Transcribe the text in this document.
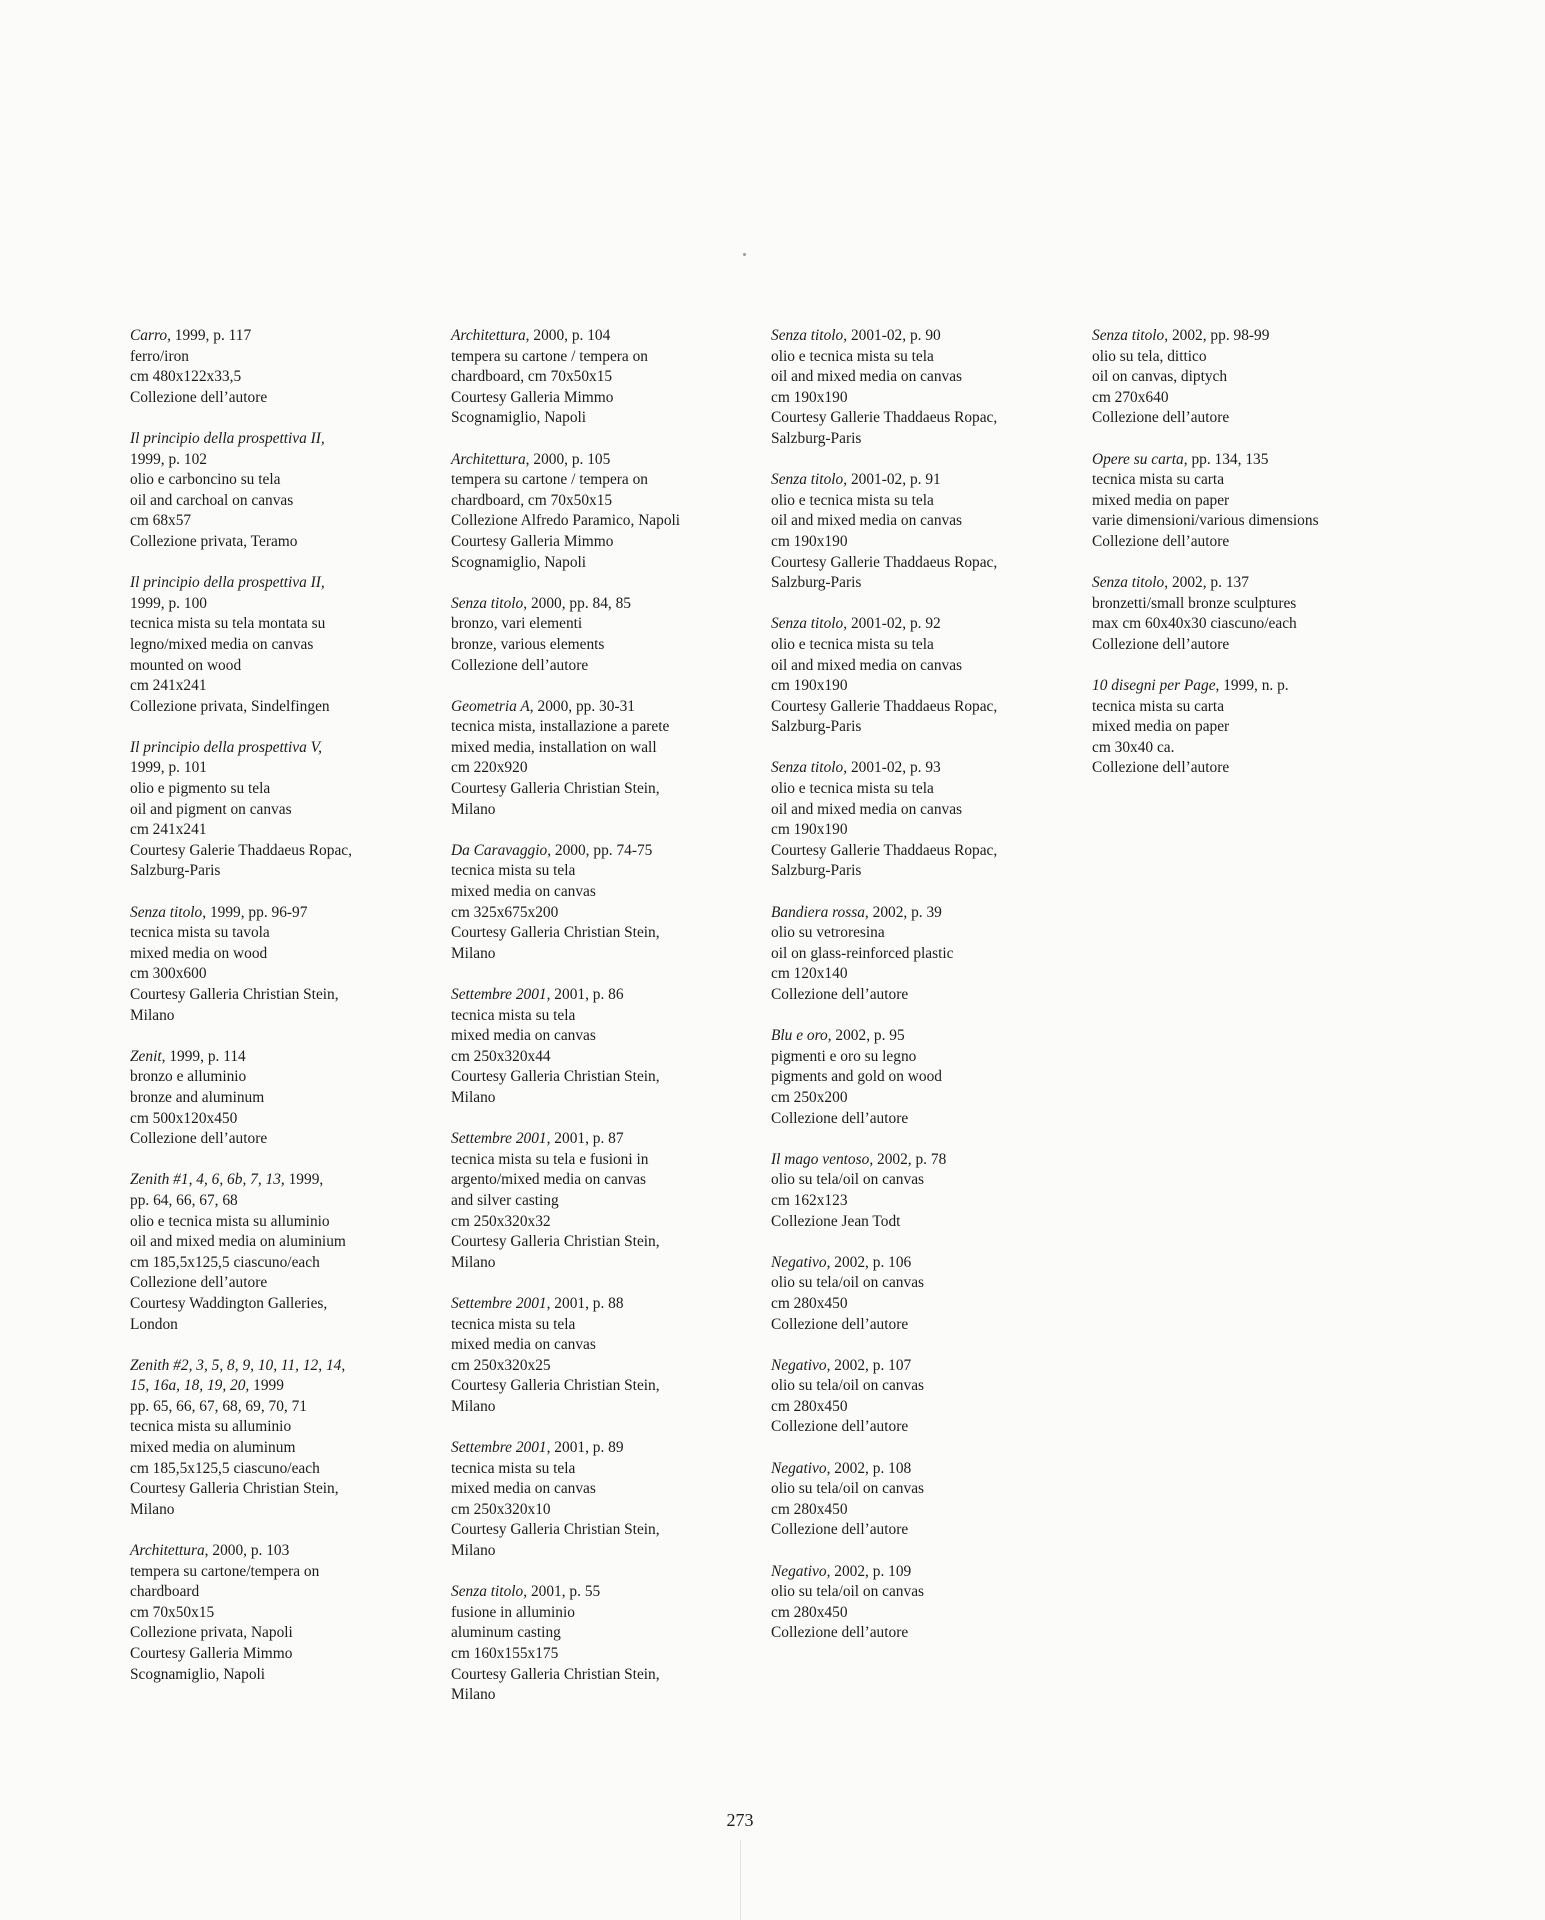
Carro, 1999, p. 117
ferro/iron
cm 480x122x33,5
Collezione dell’autore
Il principio della prospettiva II,
1999, p. 102
olio e carboncino su tela
oil and carchoal on canvas
cm 68x57
Collezione privata, Teramo
Il principio della prospettiva II,
1999, p. 100
tecnica mista su tela montata su
legno/mixed media on canvas
mounted on wood
cm 241x241
Collezione privata, Sindelfingen
Il principio della prospettiva V,
1999, p. 101
olio e pigmento su tela
oil and pigment on canvas
cm 241x241
Courtesy Galerie Thaddaeus Ropac,
Salzburg-Paris
Senza titolo, 1999, pp. 96-97
tecnica mista su tavola
mixed media on wood
cm 300x600
Courtesy Galleria Christian Stein,
Milano
Zenit, 1999, p. 114
bronzo e alluminio
bronze and aluminum
cm 500x120x450
Collezione dell’autore
Zenith #1, 4, 6, 6b, 7, 13, 1999,
pp. 64, 66, 67, 68
olio e tecnica mista su alluminio
oil and mixed media on aluminium
cm 185,5x125,5 ciascuno/each
Collezione dell’autore
Courtesy Waddington Galleries,
London
Zenith #2, 3, 5, 8, 9, 10, 11, 12, 14,
15, 16a, 18, 19, 20, 1999
pp. 65, 66, 67, 68, 69, 70, 71
tecnica mista su alluminio
mixed media on aluminum
cm 185,5x125,5 ciascuno/each
Courtesy Galleria Christian Stein,
Milano
Architettura, 2000, p. 103
tempera su cartone/tempera on
chardboard
cm 70x50x15
Collezione privata, Napoli
Courtesy Galleria Mimmo
Scognamiglio, Napoli
Architettura, 2000, p. 104
tempera su cartone / tempera on
chardboard, cm 70x50x15
Courtesy Galleria Mimmo
Scognamiglio, Napoli
Architettura, 2000, p. 105
tempera su cartone / tempera on
chardboard, cm 70x50x15
Collezione Alfredo Paramico, Napoli
Courtesy Galleria Mimmo
Scognamiglio, Napoli
Senza titolo, 2000, pp. 84, 85
bronzo, vari elementi
bronze, various elements
Collezione dell’autore
Geometria A, 2000, pp. 30-31
tecnica mista, installazione a parete
mixed media, installation on wall
cm 220x920
Courtesy Galleria Christian Stein,
Milano
Da Caravaggio, 2000, pp. 74-75
tecnica mista su tela
mixed media on canvas
cm 325x675x200
Courtesy Galleria Christian Stein,
Milano
Settembre 2001, 2001, p. 86
tecnica mista su tela
mixed media on canvas
cm 250x320x44
Courtesy Galleria Christian Stein,
Milano
Settembre 2001, 2001, p. 87
tecnica mista su tela e fusioni in
argento/mixed media on canvas
and silver casting
cm 250x320x32
Courtesy Galleria Christian Stein,
Milano
Settembre 2001, 2001, p. 88
tecnica mista su tela
mixed media on canvas
cm 250x320x25
Courtesy Galleria Christian Stein,
Milano
Settembre 2001, 2001, p. 89
tecnica mista su tela
mixed media on canvas
cm 250x320x10
Courtesy Galleria Christian Stein,
Milano
Senza titolo, 2001, p. 55
fusione in alluminio
aluminum casting
cm 160x155x175
Courtesy Galleria Christian Stein,
Milano
Senza titolo, 2001-02, p. 90
olio e tecnica mista su tela
oil and mixed media on canvas
cm 190x190
Courtesy Gallerie Thaddaeus Ropac,
Salzburg-Paris
Senza titolo, 2001-02, p. 91
olio e tecnica mista su tela
oil and mixed media on canvas
cm 190x190
Courtesy Gallerie Thaddaeus Ropac,
Salzburg-Paris
Senza titolo, 2001-02, p. 92
olio e tecnica mista su tela
oil and mixed media on canvas
cm 190x190
Courtesy Gallerie Thaddaeus Ropac,
Salzburg-Paris
Senza titolo, 2001-02, p. 93
olio e tecnica mista su tela
oil and mixed media on canvas
cm 190x190
Courtesy Gallerie Thaddaeus Ropac,
Salzburg-Paris
Bandiera rossa, 2002, p. 39
olio su vetroresina
oil on glass-reinforced plastic
cm 120x140
Collezione dell’autore
Blu e oro, 2002, p. 95
pigmenti e oro su legno
pigments and gold on wood
cm 250x200
Collezione dell’autore
Il mago ventoso, 2002, p. 78
olio su tela/oil on canvas
cm 162x123
Collezione Jean Todt
Negativo, 2002, p. 106
olio su tela/oil on canvas
cm 280x450
Collezione dell’autore
Negativo, 2002, p. 107
olio su tela/oil on canvas
cm 280x450
Collezione dell’autore
Negativo, 2002, p. 108
olio su tela/oil on canvas
cm 280x450
Collezione dell’autore
Negativo, 2002, p. 109
olio su tela/oil on canvas
cm 280x450
Collezione dell’autore
Senza titolo, 2002, pp. 98-99
olio su tela, dittico
oil on canvas, diptych
cm 270x640
Collezione dell’autore
Opere su carta, pp. 134, 135
tecnica mista su carta
mixed media on paper
varie dimensioni/various dimensions
Collezione dell’autore
Senza titolo, 2002, p. 137
bronzetti/small bronze sculptures
max cm 60x40x30 ciascuno/each
Collezione dell’autore
10 disegni per Page, 1999, n. p.
tecnica mista su carta
mixed media on paper
cm 30x40 ca.
Collezione dell’autore
273
